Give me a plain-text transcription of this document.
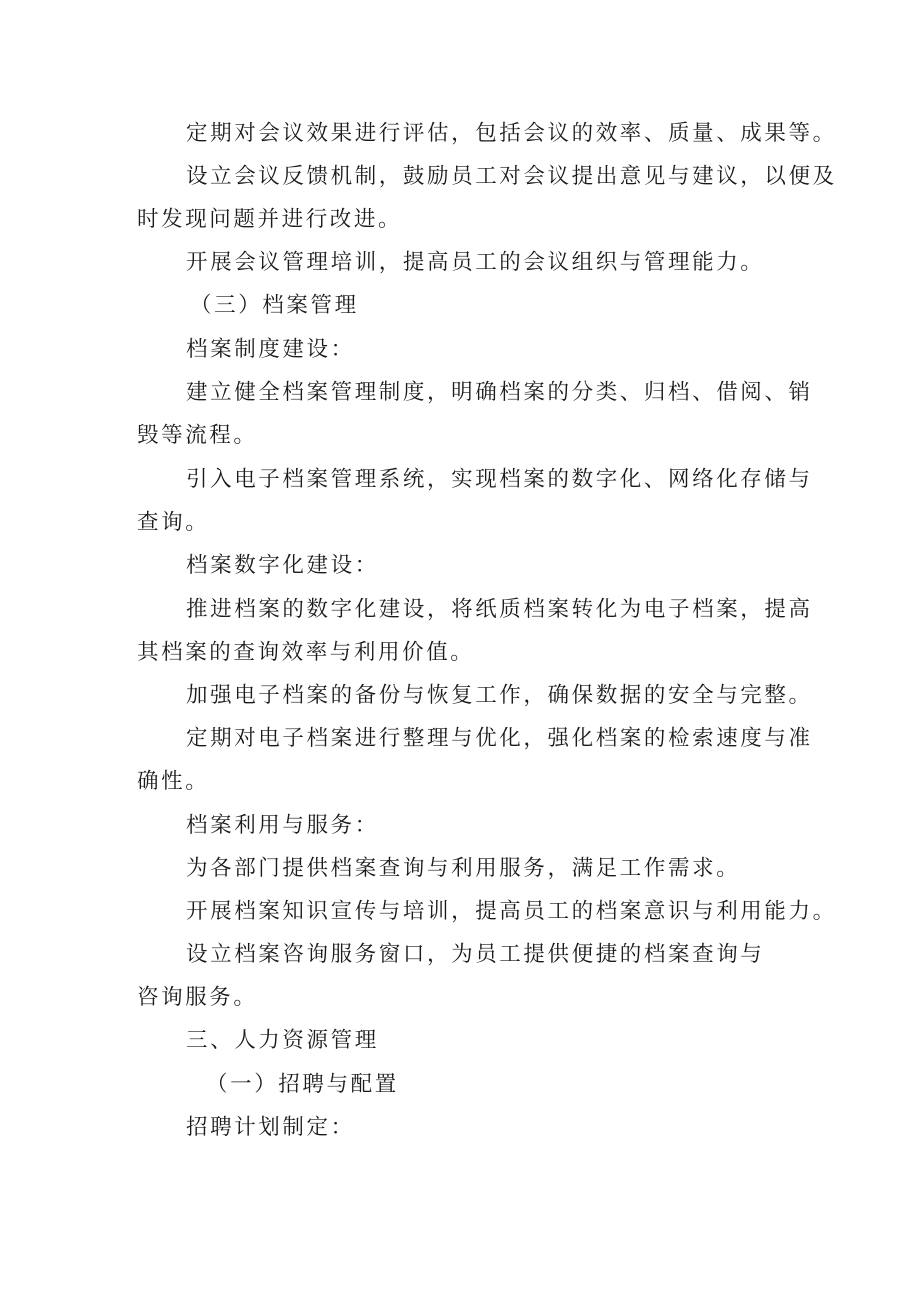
定期对会议效果进行评估，包括会议的效率、质量、成果等。
设立会议反馈机制，鼓励员工对会议提出意见与建议，以便及
时发现问题并进行改进。
开展会议管理培训，提高员工的会议组织与管理能力。
（三）档案管理
档案制度建设：
建立健全档案管理制度，明确档案的分类、归档、借阅、销
毁等流程。
引入电子档案管理系统，实现档案的数字化、网络化存储与
查询。
档案数字化建设：
推进档案的数字化建设，将纸质档案转化为电子档案，提高
其档案的查询效率与利用价值。
加强电子档案的备份与恢复工作，确保数据的安全与完整。
定期对电子档案进行整理与优化，强化档案的检索速度与准
确性。
档案利用与服务：
为各部门提供档案查询与利用服务，满足工作需求。
开展档案知识宣传与培训，提高员工的档案意识与利用能力。
设立档案咨询服务窗口，为员工提供便捷的档案查询与
咨询服务。
三、人力资源管理
（一）招聘与配置
招聘计划制定：
